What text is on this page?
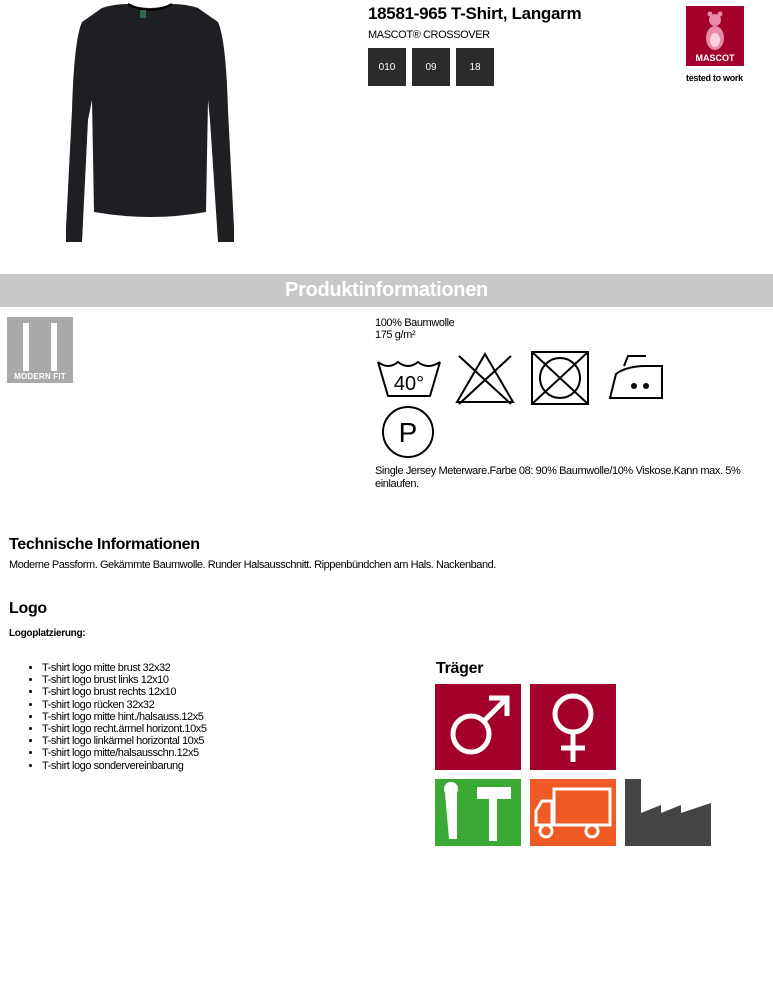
18581-965 T-Shirt, Langarm
MASCOT® CROSSOVER
010	09	18
MASCOT
tested to work
Produktinformationen
MODERN FIT
100% Baumwolle
175 g/m²
40°
P
Single Jersey Meterware.Farbe 08: 90% Baumwolle/10% Viskose.Kann max. 5% einlaufen.
Technische Informationen
Moderne Passform. Gekämmte Baumwolle. Runder Halsausschnitt. Rippenbündchen am Hals. Nackenband.
Logo
Logoplatzierung:
• T-shirt logo mitte brust 32x32
• T-shirt logo brust links 12x10
• T-shirt logo brust rechts 12x10
• T-shirt logo rücken 32x32
• T-shirt logo mitte hint./halsauss.12x5
• T-shirt logo recht.ärmel horizont.10x5
• T-shirt logo linkärmel horizontal 10x5
• T-shirt logo mitte/halsausschn.12x5
• T-shirt logo sondervereinbarung
Träger
